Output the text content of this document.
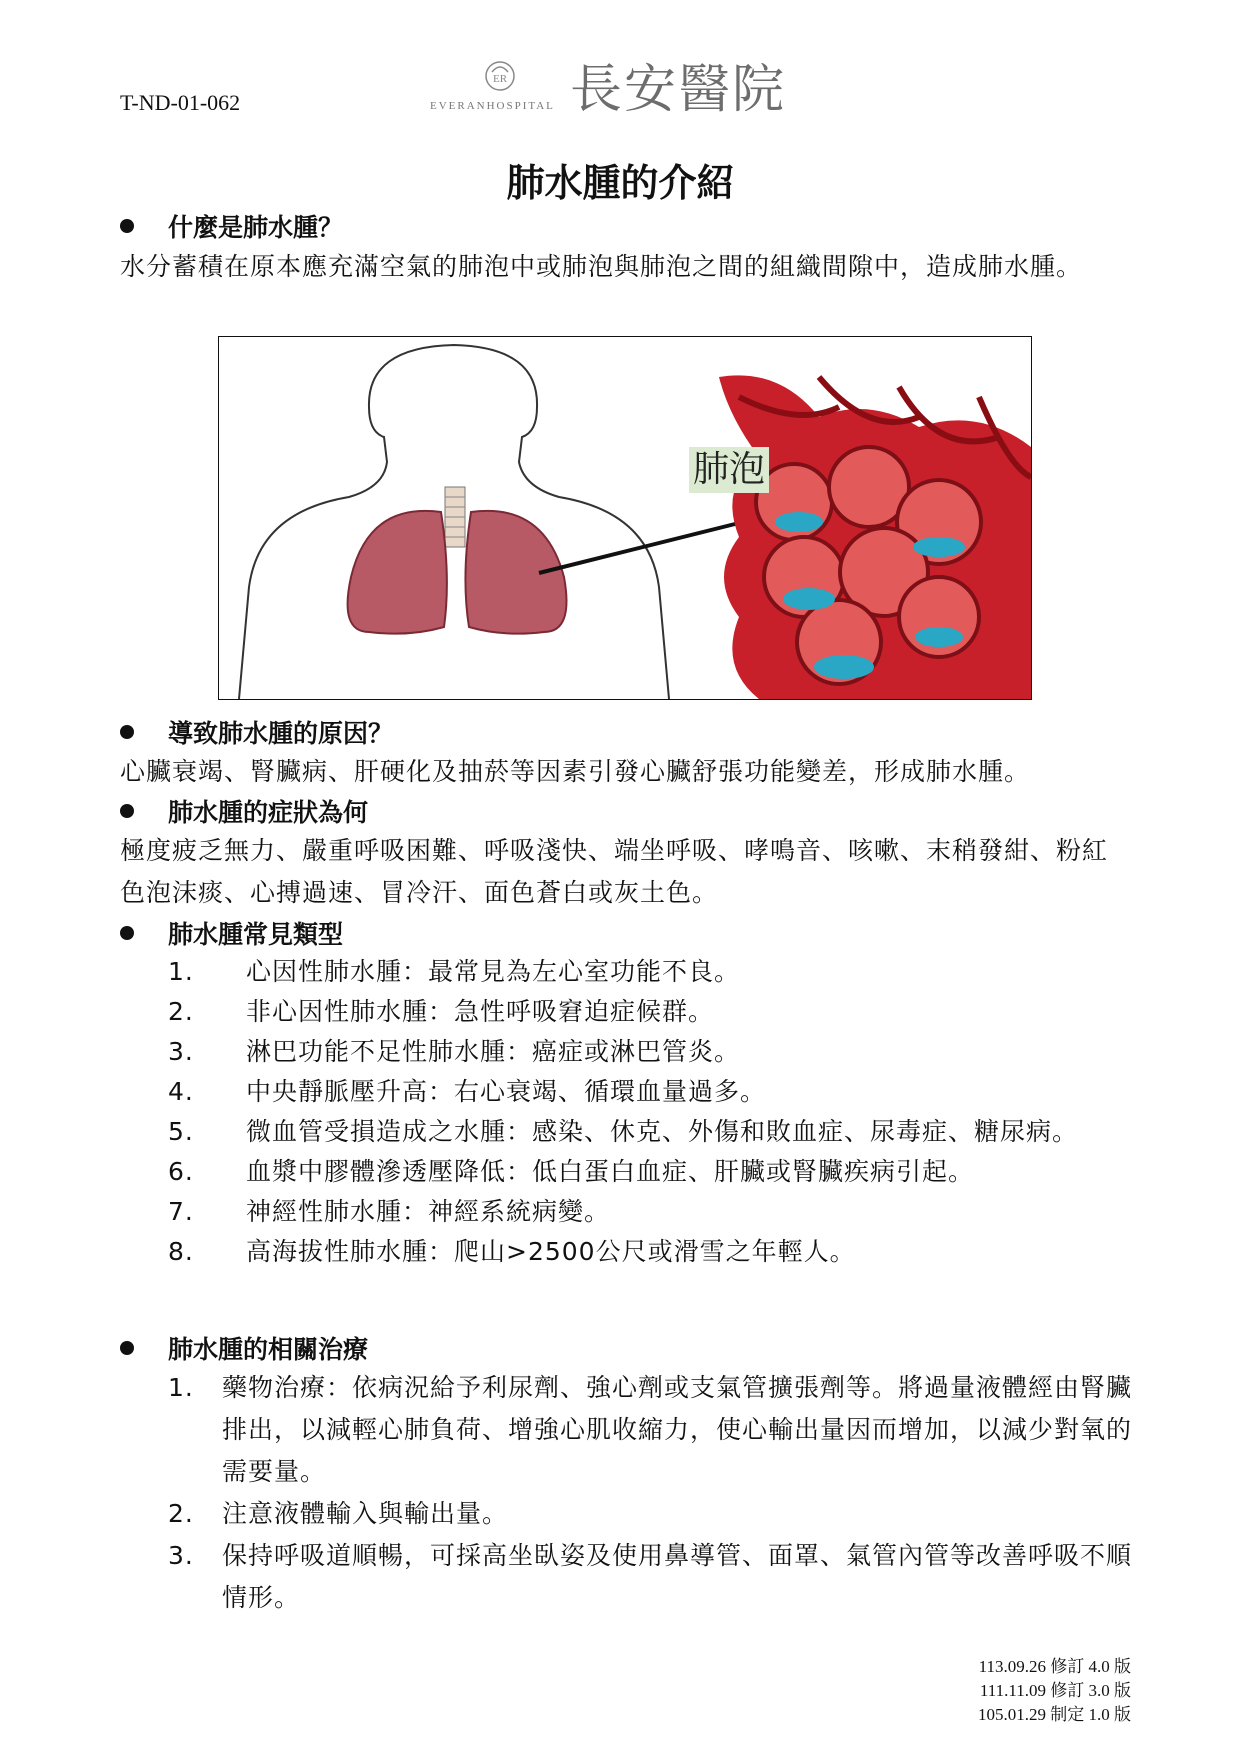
T-ND-01-062
ER
EVERANHOSPITAL 長安醫院
肺水腫的介紹
什麼是肺水腫？
水分蓄積在原本應充滿空氣的肺泡中或肺泡與肺泡之間的組織間隙中，造成肺水腫。
肺泡
導致肺水腫的原因？
心臟衰竭、腎臟病、肝硬化及抽菸等因素引發心臟舒張功能變差，形成肺水腫。
肺水腫的症狀為何
極度疲乏無力、嚴重呼吸困難、呼吸淺快、端坐呼吸、哮鳴音、咳嗽、末稍發紺、粉紅色泡沫痰、心搏過速、冒冷汗、面色蒼白或灰土色。
肺水腫常見類型
1. 心因性肺水腫：最常見為左心室功能不良。
2. 非心因性肺水腫：急性呼吸窘迫症候群。
3. 淋巴功能不足性肺水腫：癌症或淋巴管炎。
4. 中央靜脈壓升高：右心衰竭、循環血量過多。
5. 微血管受損造成之水腫：感染、休克、外傷和敗血症、尿毒症、糖尿病。
6. 血漿中膠體滲透壓降低：低白蛋白血症、肝臟或腎臟疾病引起。
7. 神經性肺水腫：神經系統病變。
8. 高海拔性肺水腫：爬山>2500公尺或滑雪之年輕人。
肺水腫的相關治療
1. 藥物治療：依病況給予利尿劑、強心劑或支氣管擴張劑等。將過量液體經由腎臟排出，以減輕心肺負荷、增強心肌收縮力，使心輸出量因而增加，以減少對氧的需要量。
2. 注意液體輸入與輸出量。
3. 保持呼吸道順暢，可採高坐臥姿及使用鼻導管、面罩、氣管內管等改善呼吸不順情形。
113.09.26 修訂 4.0 版
111.11.09 修訂 3.0 版
105.01.29 制定 1.0 版
